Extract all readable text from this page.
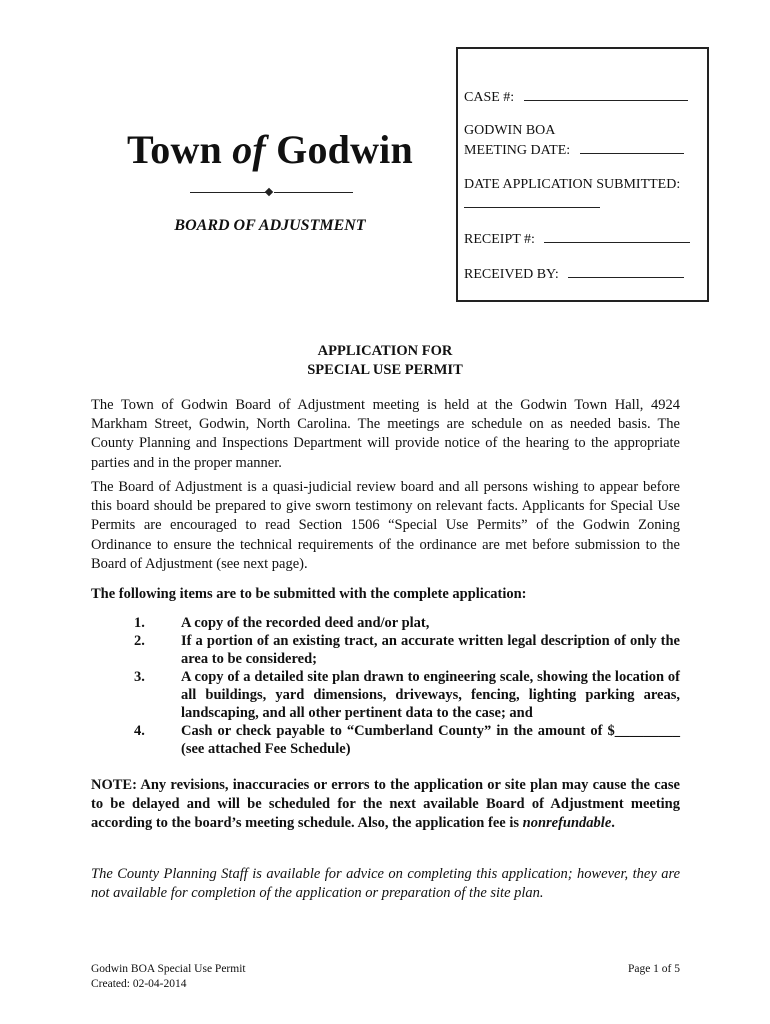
Town of Godwin
BOARD OF ADJUSTMENT
CASE #:
GODWIN BOA
MEETING DATE:
DATE APPLICATION SUBMITTED:
RECEIPT #:
RECEIVED BY:
APPLICATION FOR
SPECIAL USE PERMIT
The Town of Godwin Board of Adjustment meeting is held at the Godwin Town Hall, 4924 Markham Street, Godwin, North Carolina. The meetings are schedule on as needed basis. The County Planning and Inspections Department will provide notice of the hearing to the appropriate parties and in the proper manner.
The Board of Adjustment is a quasi-judicial review board and all persons wishing to appear before this board should be prepared to give sworn testimony on relevant facts. Applicants for Special Use Permits are encouraged to read Section 1506 “Special Use Permits” of the Godwin Zoning Ordinance to ensure the technical requirements of the ordinance are met before submission to the Board of Adjustment (see next page).
The following items are to be submitted with the complete application:
1.	A copy of the recorded deed and/or plat,
2.	If a portion of an existing tract, an accurate written legal description of only the area to be considered;
3.	A copy of a detailed site plan drawn to engineering scale, showing the location of all buildings, yard dimensions, driveways, fencing, lighting parking areas, landscaping, and all other pertinent data to the case; and
4.	Cash or check payable to “Cumberland County” in the amount of $_________ (see attached Fee Schedule)
NOTE: Any revisions, inaccuracies or errors to the application or site plan may cause the case to be delayed and will be scheduled for the next available Board of Adjustment meeting according to the board’s meeting schedule. Also, the application fee is nonrefundable.
The County Planning Staff is available for advice on completing this application; however, they are not available for completion of the application or preparation of the site plan.
Godwin BOA Special Use Permit
Created: 02-04-2014
Page 1 of 5
